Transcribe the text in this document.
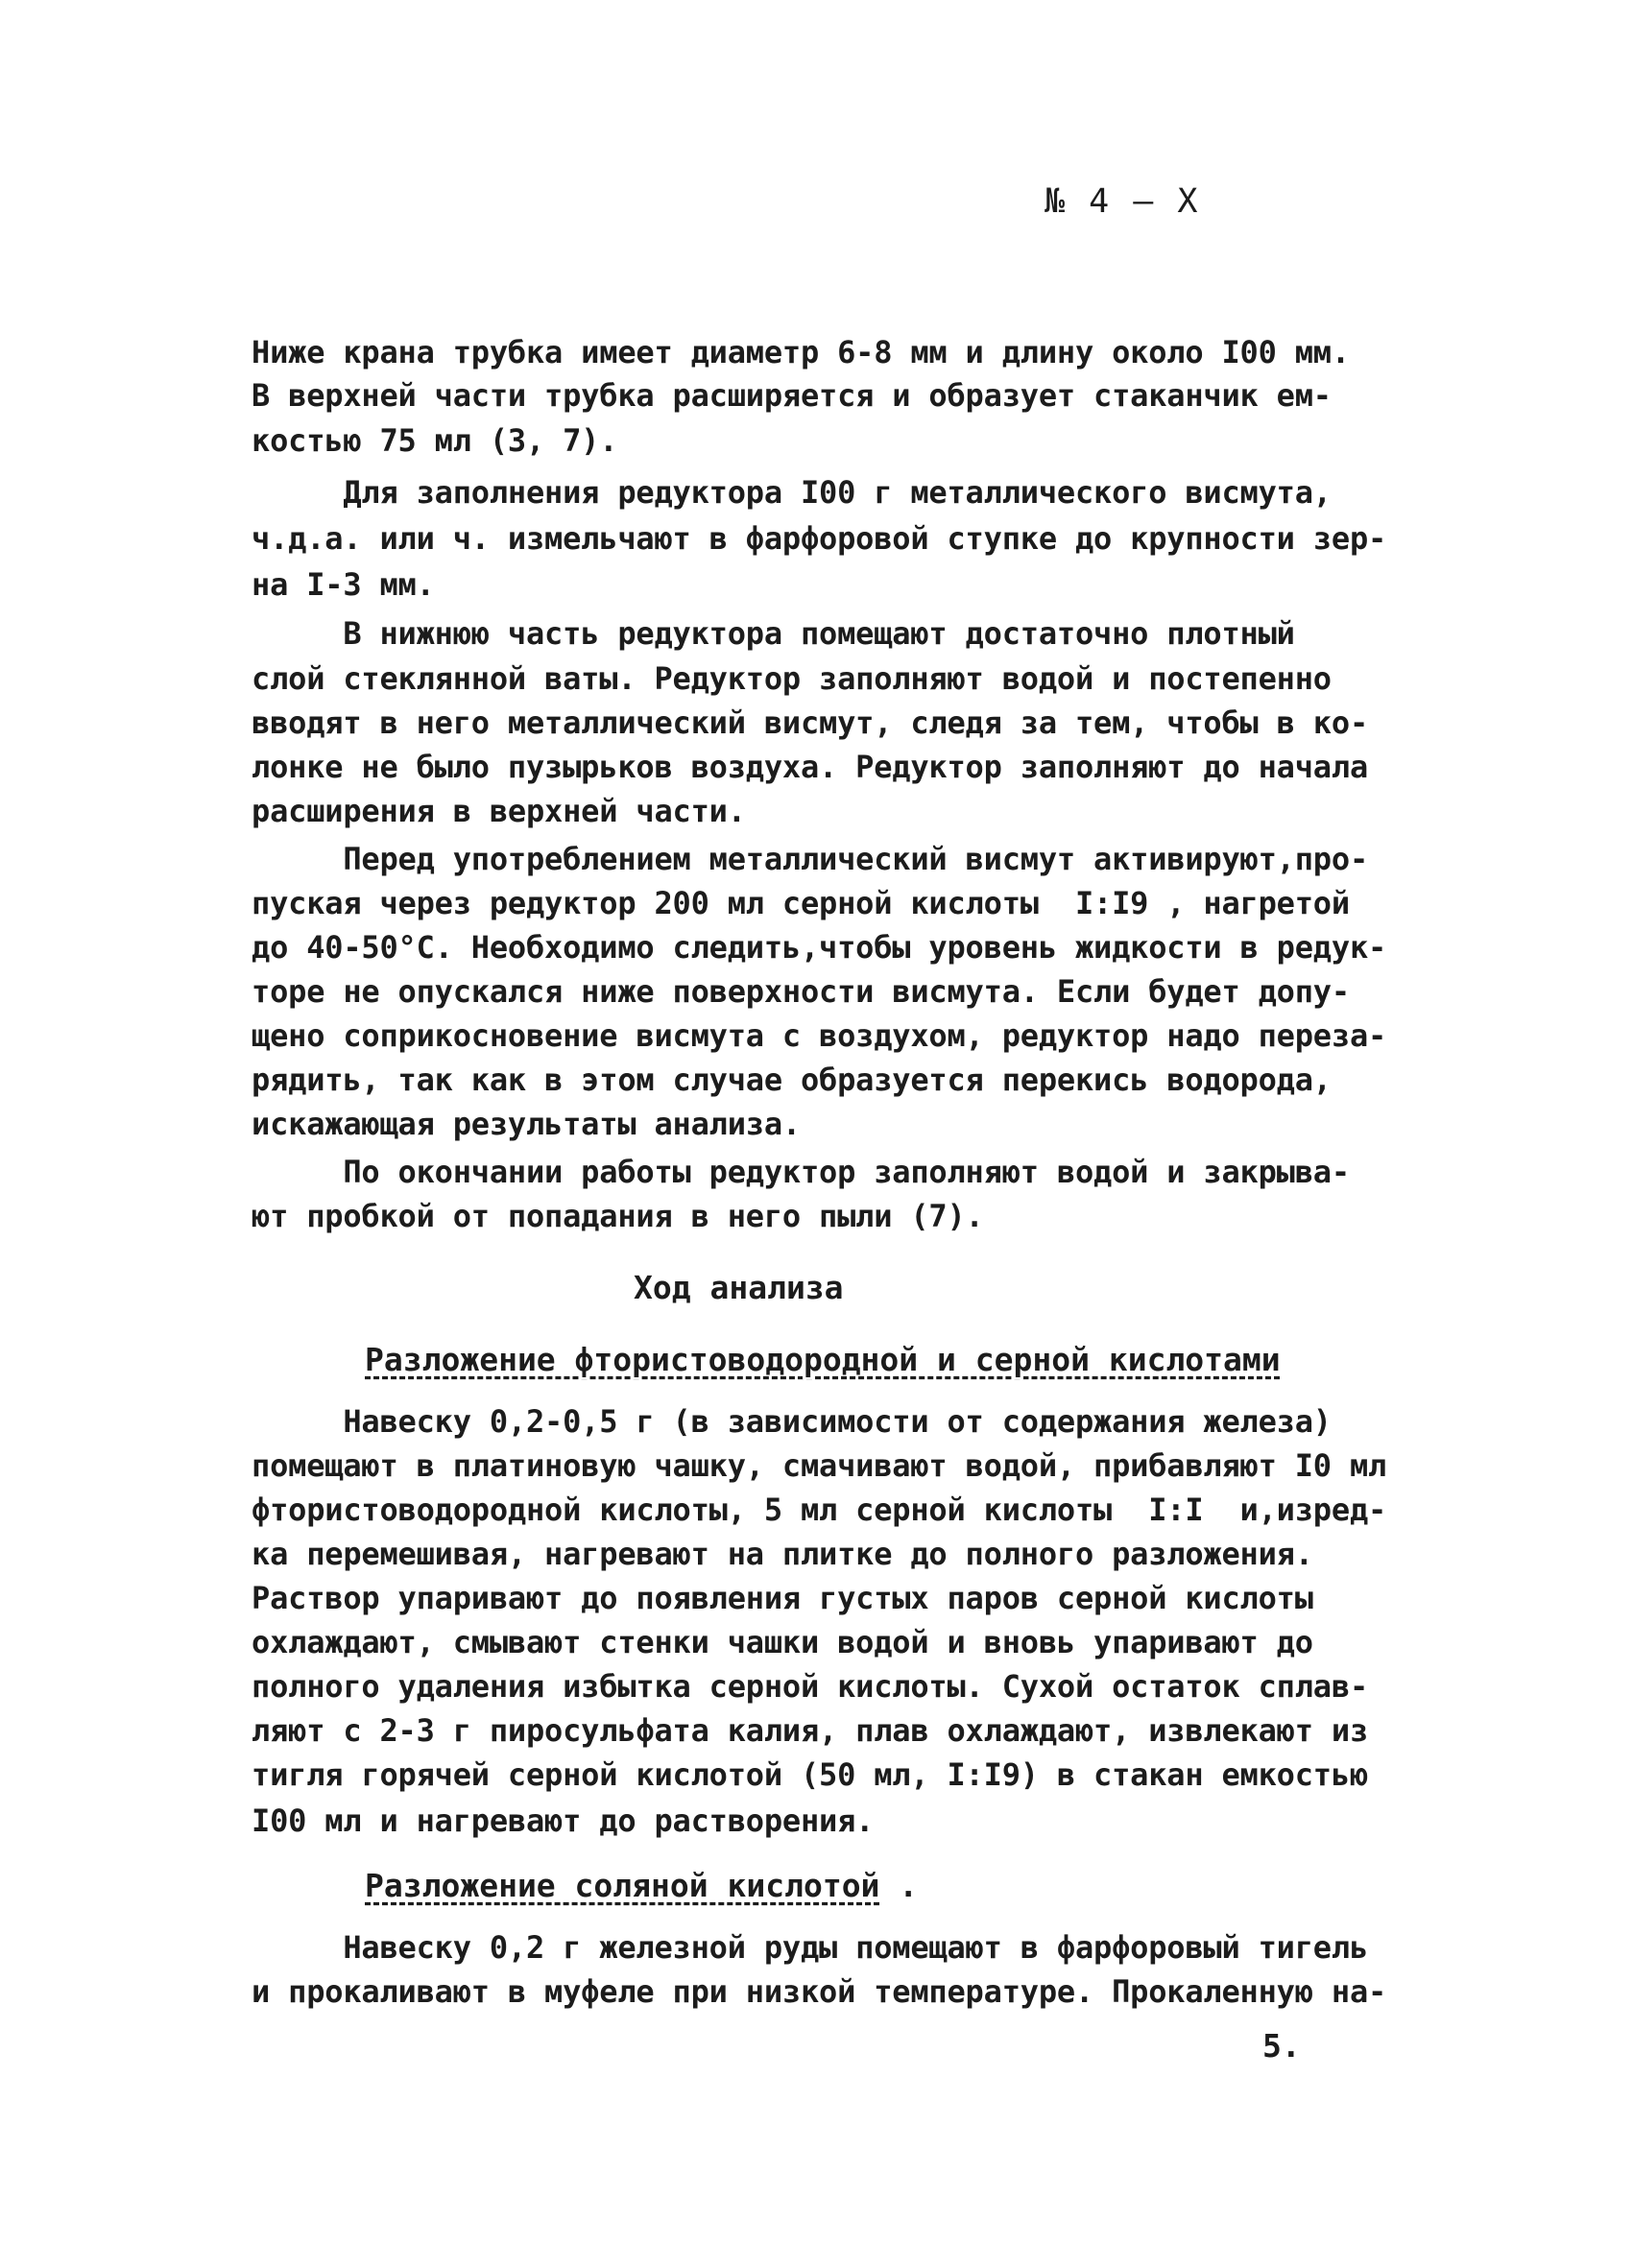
№ 4 – X
Ниже крана трубка имеет диаметр 6-8 мм и длину около I00 мм.
В верхней части трубка расширяется и образует стаканчик ем-
костью 75 мл (3, 7).
Для заполнения редуктора I00 г металлического висмута,
ч.д.а. или ч. измельчают в фарфоровой ступке до крупности зер-
на I-3 мм.
В нижнюю часть редуктора помещают достаточно плотный
слой стеклянной ваты. Редуктор заполняют водой и постепенно
вводят в него металлический висмут, следя за тем, чтобы в ко-
лонке не было пузырьков воздуха. Редуктор заполняют до начала
расширения в верхней части.
Перед употреблением металлический висмут активируют,про-
пуская через редуктор 200 мл серной кислоты  I:I9 , нагретой
до 40-50°C. Необходимо следить,чтобы уровень жидкости в редук-
торе не опускался ниже поверхности висмута. Если будет допу-
щено соприкосновение висмута с воздухом, редуктор надо переза-
рядить, так как в этом случае образуется перекись водорода,
искажающая результаты анализа.
По окончании работы редуктор заполняют водой и закрыва-
ют пробкой от попадания в него пыли (7).
Ход анализа
Разложение фтористоводородной и серной кислотами
Навеску 0,2-0,5 г (в зависимости от содержания железа)
помещают в платиновую чашку, смачивают водой, прибавляют I0 мл
фтористоводородной кислоты, 5 мл серной кислоты  I:I  и,изред-
ка перемешивая, нагревают на плитке до полного разложения.
Раствор упаривают до появления густых паров серной кислоты
охлаждают, смывают стенки чашки водой и вновь упаривают до
полного удаления избытка серной кислоты. Сухой остаток сплав-
ляют с 2-3 г пиросульфата калия, плав охлаждают, извлекают из
тигля горячей серной кислотой (50 мл, I:I9) в стакан емкостью
I00 мл и нагревают до растворения.
Разложение соляной кислотой .
Навеску 0,2 г железной руды помещают в фарфоровый тигель
и прокаливают в муфеле при низкой температуре. Прокаленную на-
5.
